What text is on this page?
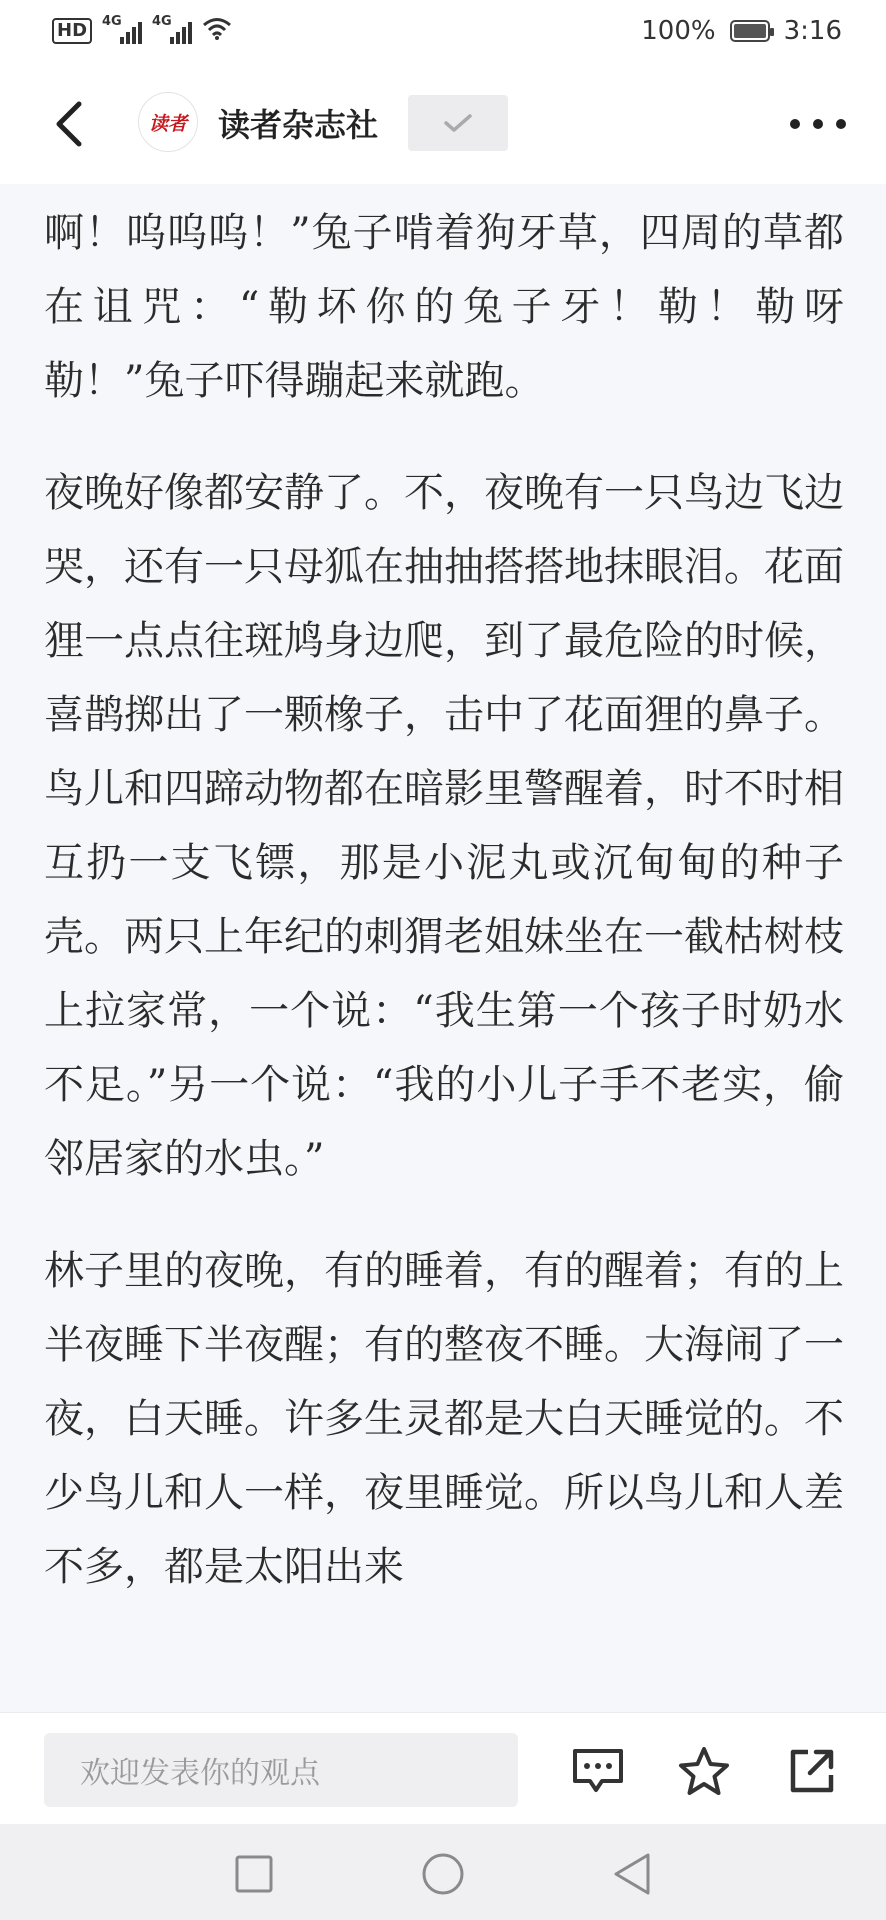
HD	4G 4G	100%	3:16
读者 读者杂志社

啊！呜呜呜！”兔子啃着狗牙草，四周的草都在诅咒：“勒坏你的兔子牙！勒！勒呀勒！”兔子吓得蹦起来就跑。

夜晚好像都安静了。不，夜晚有一只鸟边飞边哭，还有一只母狐在抽抽搭搭地抹眼泪。花面狸一点点往斑鸠身边爬，到了最危险的时候，喜鹊掷出了一颗橡子，击中了花面狸的鼻子。鸟儿和四蹄动物都在暗影里警醒着，时不时相互扔一支飞镖，那是小泥丸或沉甸甸的种子壳。两只上年纪的刺猬老姐妹坐在一截枯树枝上拉家常，一个说：“我生第一个孩子时奶水不足。”另一个说：“我的小儿子手不老实，偷邻居家的水虫。”

林子里的夜晚，有的睡着，有的醒着；有的上半夜睡下半夜醒；有的整夜不睡。大海闹了一夜，白天睡。许多生灵都是大白天睡觉的。不少鸟儿和人一样，夜里睡觉。所以鸟儿和人差不多，都是太阳出来

欢迎发表你的观点
